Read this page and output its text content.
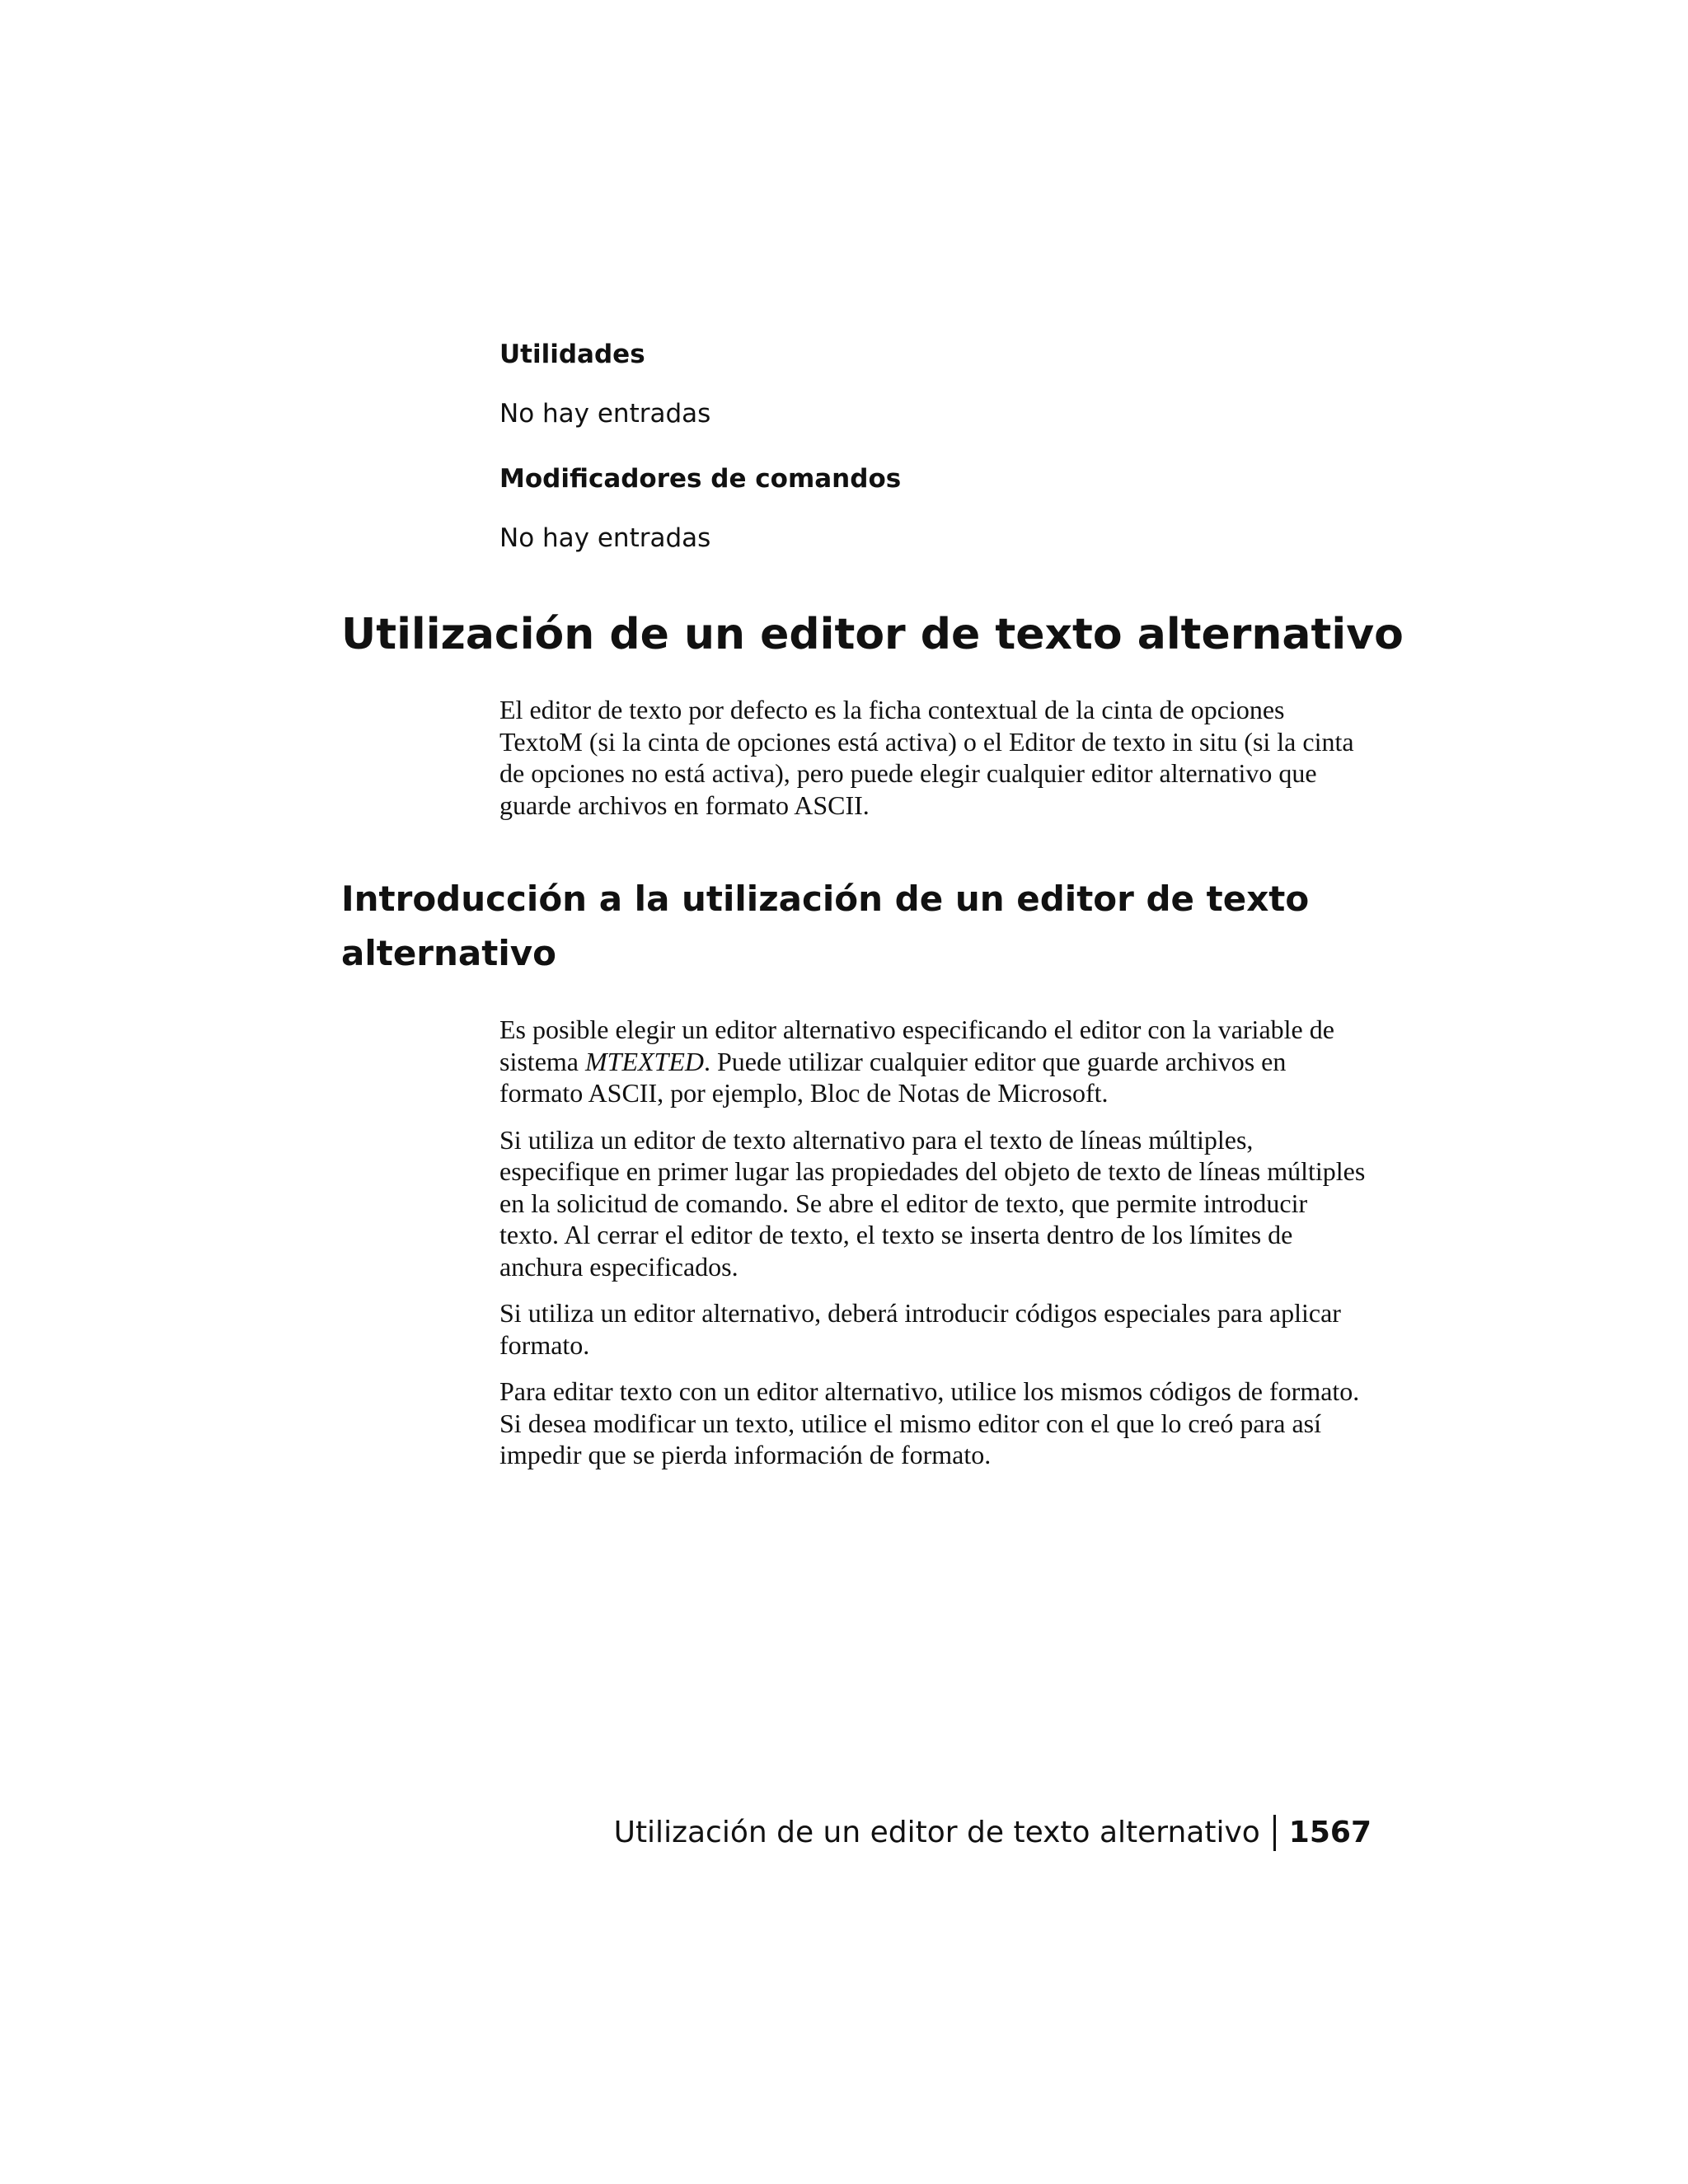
Utilidades

No hay entradas

Modificadores de comandos

No hay entradas

Utilización de un editor de texto alternativo

El editor de texto por defecto es la ficha contextual de la cinta de opciones TextoM (si la cinta de opciones está activa) o el Editor de texto in situ (si la cinta de opciones no está activa), pero puede elegir cualquier editor alternativo que guarde archivos en formato ASCII.

Introducción a la utilización de un editor de texto alternativo

Es posible elegir un editor alternativo especificando el editor con la variable de sistema MTEXTED. Puede utilizar cualquier editor que guarde archivos en formato ASCII, por ejemplo, Bloc de Notas de Microsoft.

Si utiliza un editor de texto alternativo para el texto de líneas múltiples, especifique en primer lugar las propiedades del objeto de texto de líneas múltiples en la solicitud de comando. Se abre el editor de texto, que permite introducir texto. Al cerrar el editor de texto, el texto se inserta dentro de los límites de anchura especificados.

Si utiliza un editor alternativo, deberá introducir códigos especiales para aplicar formato.

Para editar texto con un editor alternativo, utilice los mismos códigos de formato. Si desea modificar un texto, utilice el mismo editor con el que lo creó para así impedir que se pierda información de formato.

Utilización de un editor de texto alternativo 1567
